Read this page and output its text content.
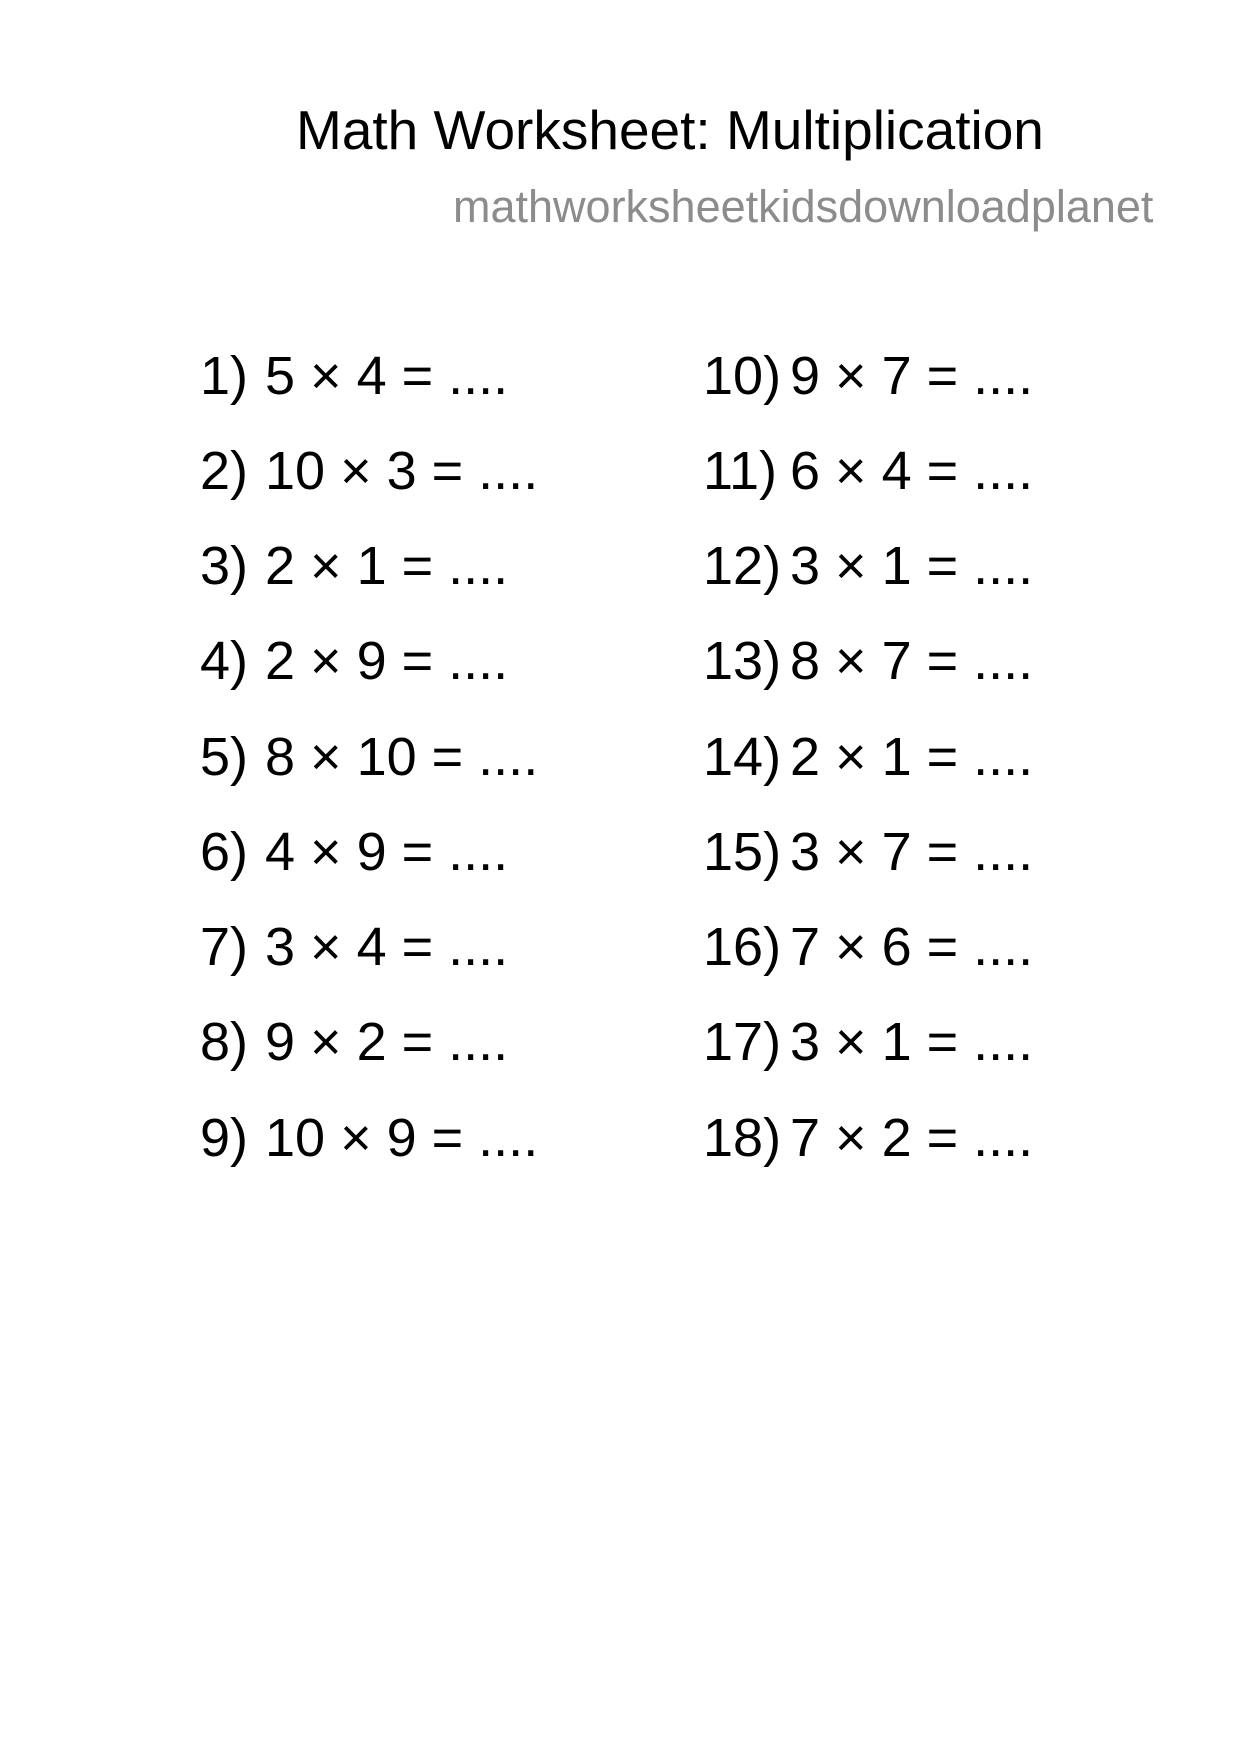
Math Worksheet: Multiplication
mathworksheetkidsdownloadplanet
1) 5 × 4 = ....
2) 10 × 3 = ....
3) 2 × 1 = ....
4) 2 × 9 = ....
5) 8 × 10 = ....
6) 4 × 9 = ....
7) 3 × 4 = ....
8) 9 × 2 = ....
9) 10 × 9 = ....
10) 9 × 7 = ....
11) 6 × 4 = ....
12) 3 × 1 = ....
13) 8 × 7 = ....
14) 2 × 1 = ....
15) 3 × 7 = ....
16) 7 × 6 = ....
17) 3 × 1 = ....
18) 7 × 2 = ....
